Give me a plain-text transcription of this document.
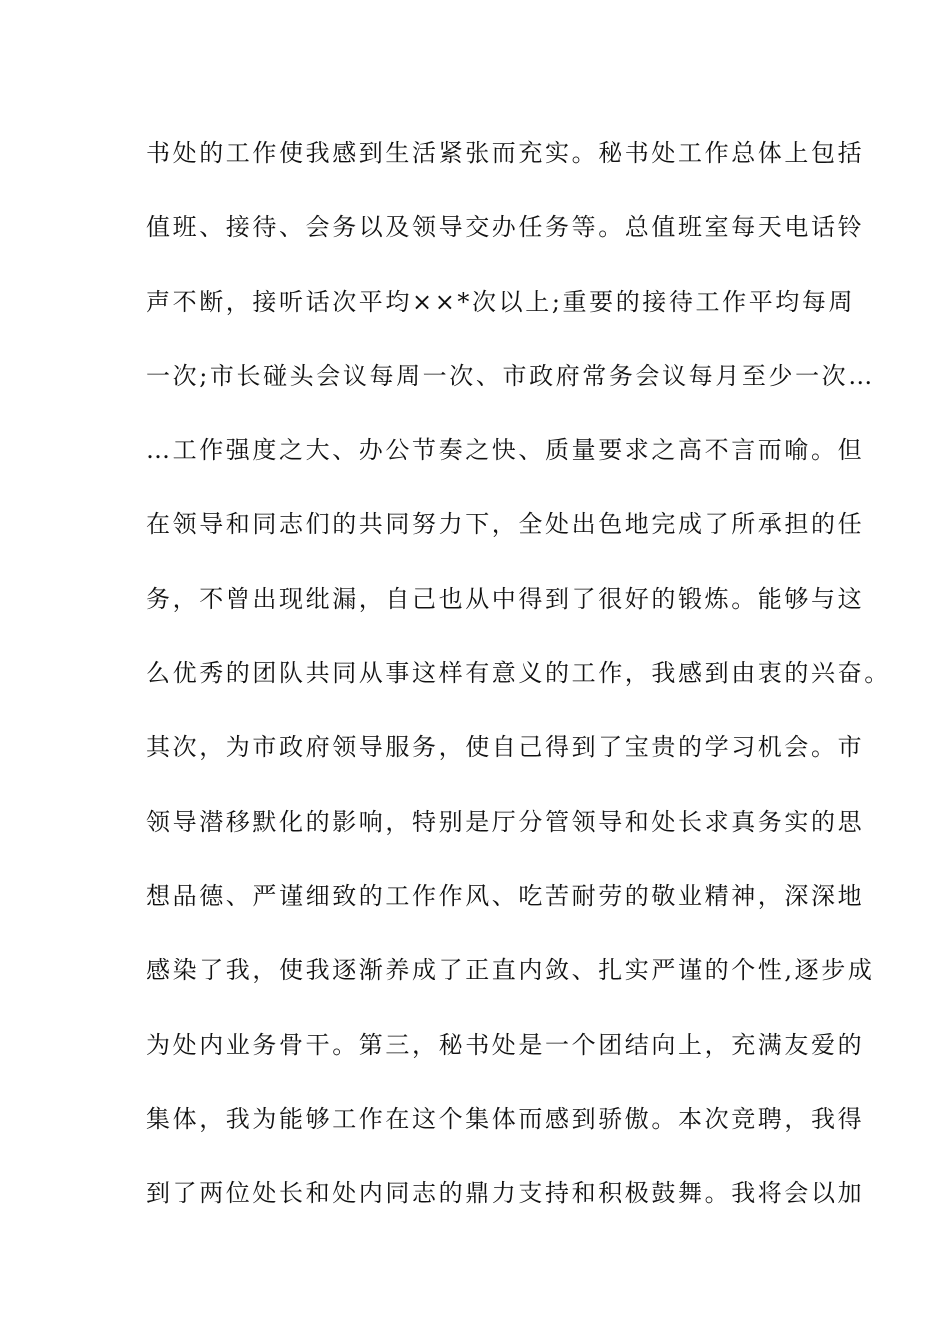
书处的工作使我感到生活紧张而充实。秘书处工作总体上包括
值班、接待、会务以及领导交办任务等。总值班室每天电话铃
声不断，接听话次平均××*次以上;重要的接待工作平均每周
一次;市长碰头会议每周一次、市政府常务会议每月至少一次…
…工作强度之大、办公节奏之快、质量要求之高不言而喻。但
在领导和同志们的共同努力下，全处出色地完成了所承担的任
务，不曾出现纰漏，自己也从中得到了很好的锻炼。能够与这
么优秀的团队共同从事这样有意义的工作，我感到由衷的兴奋。
其次，为市政府领导服务，使自己得到了宝贵的学习机会。市
领导潜移默化的影响，特别是厅分管领导和处长求真务实的思
想品德、严谨细致的工作作风、吃苦耐劳的敬业精神，深深地
感染了我，使我逐渐养成了正直内敛、扎实严谨的个性,逐步成
为处内业务骨干。第三，秘书处是一个团结向上，充满友爱的
集体，我为能够工作在这个集体而感到骄傲。本次竞聘，我得
到了两位处长和处内同志的鼎力支持和积极鼓舞。我将会以加
